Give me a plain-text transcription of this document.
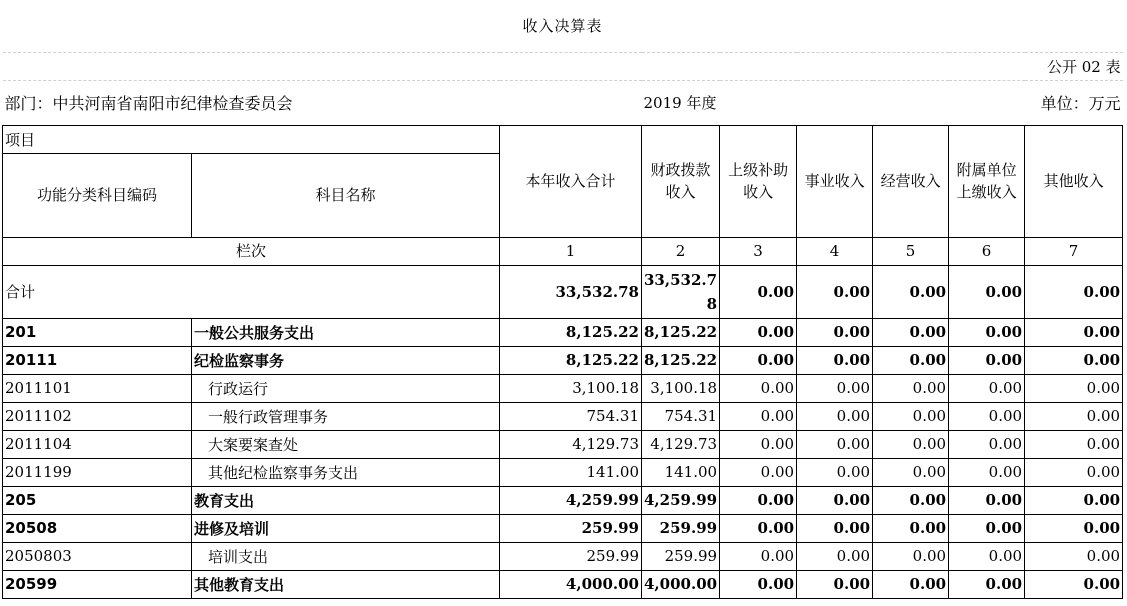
收入决算表								
								公开 02 表
部门：中共河南省南阳市纪律检查委员会			2019 年度					单位：万元
项目		本年收入合计	财政拨款收入	上级补助收入	事业收入	经营收入	附属单位上缴收入	其他收入
功能分类科目编码	科目名称							
栏次		1	2	3	4	5	6	7
合计		33,532.78	33,532.78	0.00	0.00	0.00	0.00	0.00
201	一般公共服务支出	8,125.22	8,125.22	0.00	0.00	0.00	0.00	0.00
20111	纪检监察事务	8,125.22	8,125.22	0.00	0.00	0.00	0.00	0.00
2011101	行政运行	3,100.18	3,100.18	0.00	0.00	0.00	0.00	0.00
2011102	一般行政管理事务	754.31	754.31	0.00	0.00	0.00	0.00	0.00
2011104	大案要案查处	4,129.73	4,129.73	0.00	0.00	0.00	0.00	0.00
2011199	其他纪检监察事务支出	141.00	141.00	0.00	0.00	0.00	0.00	0.00
205	教育支出	4,259.99	4,259.99	0.00	0.00	0.00	0.00	0.00
20508	进修及培训	259.99	259.99	0.00	0.00	0.00	0.00	0.00
2050803	培训支出	259.99	259.99	0.00	0.00	0.00	0.00	0.00
20599	其他教育支出	4,000.00	4,000.00	0.00	0.00	0.00	0.00	0.00
